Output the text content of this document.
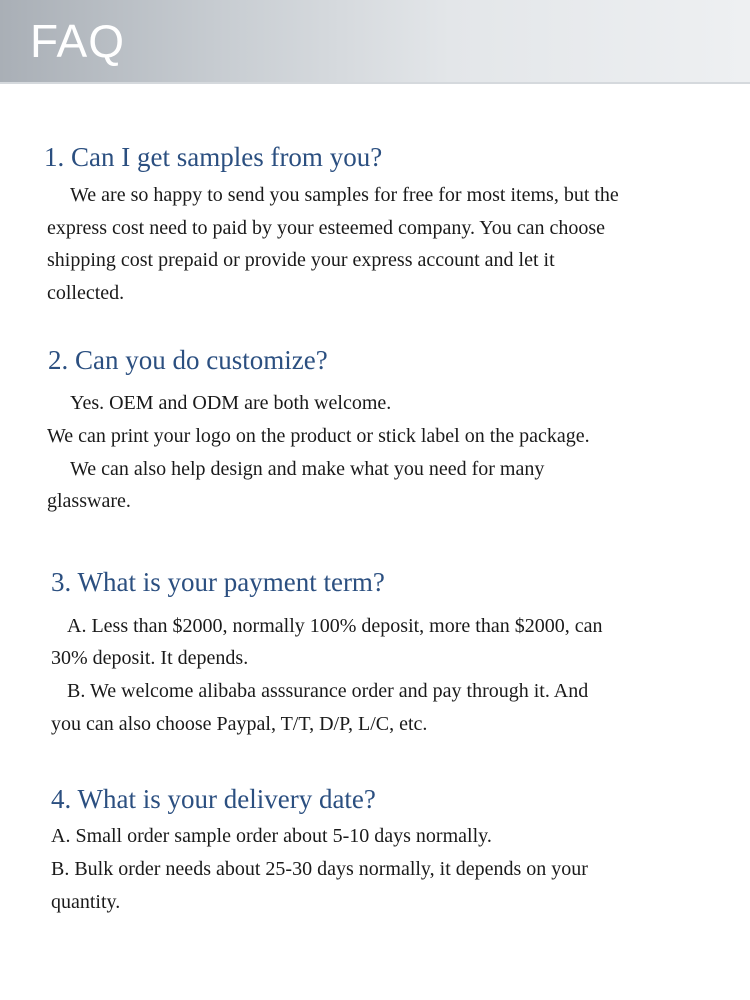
FAQ
1. Can I get samples from you?
We are so happy to send you samples for free for most items, but the
express cost need to paid by your esteemed company. You can choose
shipping cost prepaid or provide your express account and let it
collected.
2. Can you do customize?
Yes. OEM and ODM are both welcome.
We can print your logo on the product or stick label on the package.
We can also help design and make what you need for many
glassware.
3. What is your payment term?
A. Less than $2000, normally 100% deposit, more than $2000, can
30% deposit. It depends.
B. We welcome alibaba asssurance order and pay through it. And
you can also choose Paypal, T/T, D/P, L/C, etc.
4. What is your delivery date?
A. Small order sample order about 5-10 days normally.
B. Bulk order needs about 25-30 days normally, it depends on your
quantity.
